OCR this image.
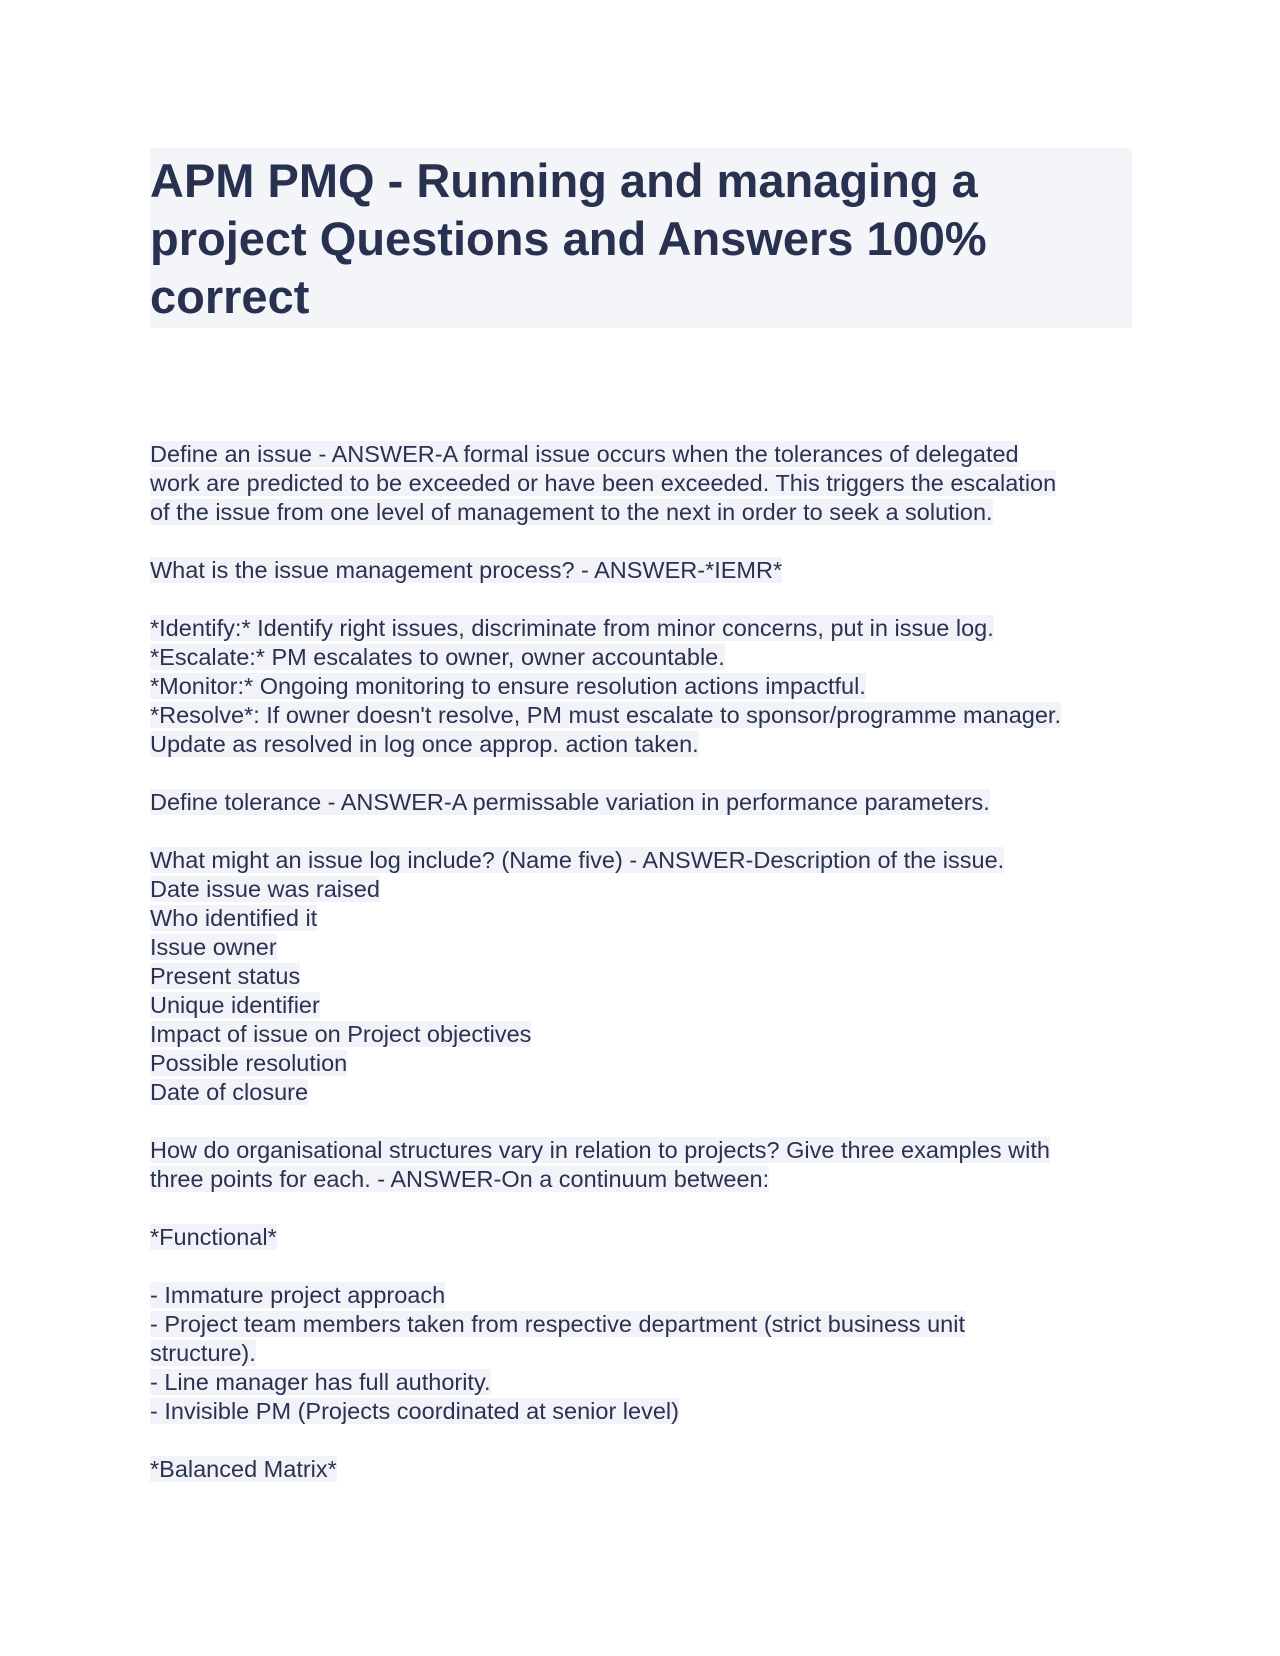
APM PMQ - Running and managing a project Questions and Answers 100% correct
Define an issue - ANSWER-A formal issue occurs when the tolerances of delegated
work are predicted to be exceeded or have been exceeded. This triggers the escalation
of the issue from one level of management to the next in order to seek a solution.
What is the issue management process? - ANSWER-*IEMR*
*Identify:* Identify right issues, discriminate from minor concerns, put in issue log.
*Escalate:* PM escalates to owner, owner accountable.
*Monitor:* Ongoing monitoring to ensure resolution actions impactful.
*Resolve*: If owner doesn't resolve, PM must escalate to sponsor/programme manager.
Update as resolved in log once approp. action taken.
Define tolerance - ANSWER-A permissable variation in performance parameters.
What might an issue log include? (Name five) - ANSWER-Description of the issue.
Date issue was raised
Who identified it
Issue owner
Present status
Unique identifier
Impact of issue on Project objectives
Possible resolution
Date of closure
How do organisational structures vary in relation to projects? Give three examples with
three points for each. - ANSWER-On a continuum between:
*Functional*
- Immature project approach
- Project team members taken from respective department (strict business unit
structure).
- Line manager has full authority.
- Invisible PM (Projects coordinated at senior level)
*Balanced Matrix*
